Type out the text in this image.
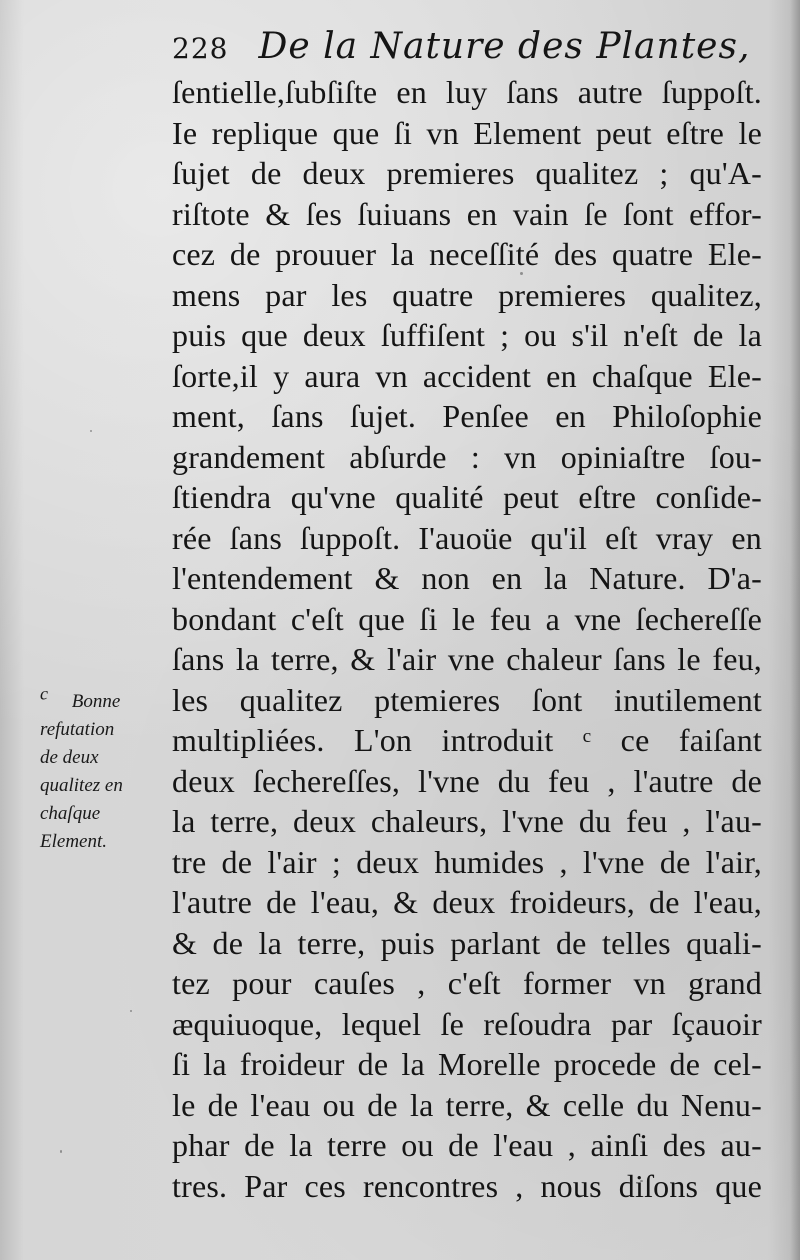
228 De la Nature des Plantes,
ſentielle,ſubſiſte en luy ſans autre ſuppoſt.
Ie replique que ſi vn Element peut eſtre le
ſujet de deux premieres qualitez ; qu'A-
riſtote & ſes ſuiuans en vain ſe ſont effor-
cez de prouuer la neceſſité des quatre Ele-
mens par les quatre premieres qualitez,
puis que deux ſuffiſent ; ou s'il n'eſt de la
ſorte,il y aura vn accident en chaſque Ele-
ment, ſans ſujet. Penſee en Philoſophie
grandement abſurde : vn opiniaſtre ſou-
ſtiendra qu'vne qualité peut eſtre conſide-
rée ſans ſuppoſt. I'auoüe qu'il eſt vray en
l'entendement & non en la Nature. D'a-
bondant c'eſt que ſi le feu a vne ſechereſſe
ſans la terre, & l'air vne chaleur ſans le feu,
les qualitez ptemieres ſont inutilement
multipliées. L'on introduit ᶜ ce faiſant
deux ſechereſſes, l'vne du feu , l'autre de
la terre, deux chaleurs, l'vne du feu , l'au-
tre de l'air ; deux humides , l'vne de l'air,
l'autre de l'eau, & deux froideurs, de l'eau,
& de la terre, puis parlant de telles quali-
tez pour cauſes , c'eſt former vn grand
æquiuoque, lequel ſe reſoudra par ſçauoir
ſi la froideur de la Morelle procede de cel-
le de l'eau ou de la terre, & celle du Nenu-
phar de la terre ou de l'eau , ainſi des au-
tres. Par ces rencontres , nous diſons que
c Bonne
refutation
de deux
qualitez en
chaſque
Element.
